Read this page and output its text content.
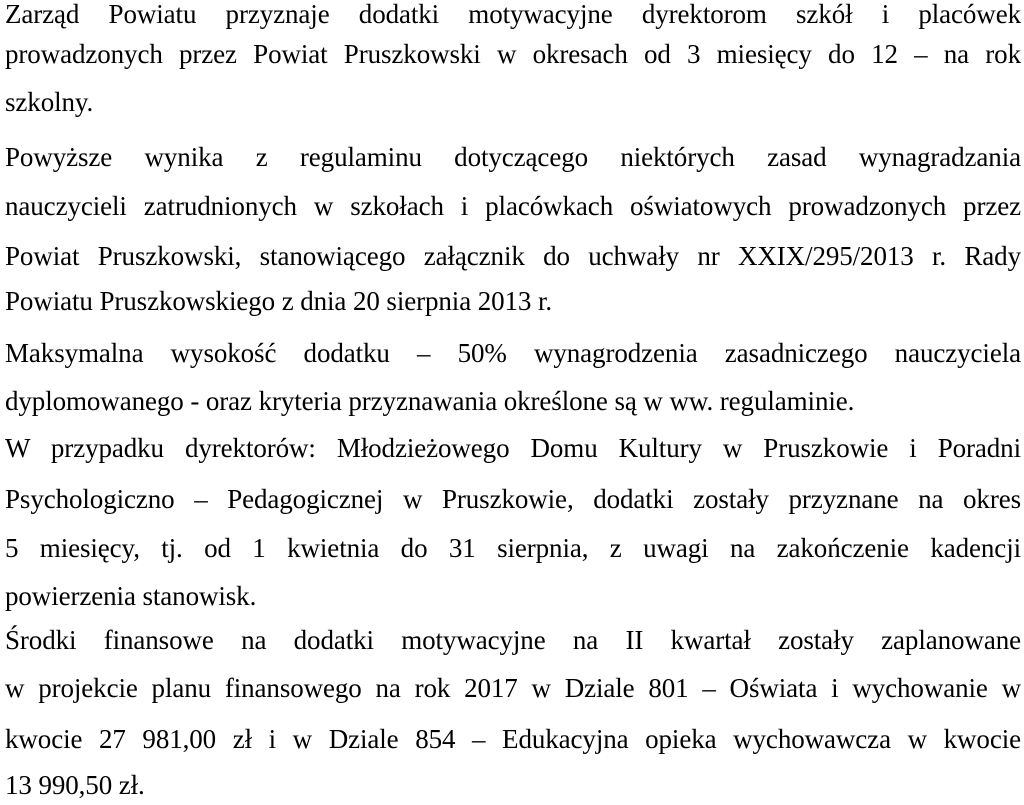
Zarząd Powiatu przyznaje dodatki motywacyjne dyrektorom szkół i placówek
prowadzonych przez Powiat Pruszkowski w okresach od 3 miesięcy do 12 – na rok
szkolny.
Powyższe wynika z regulaminu dotyczącego niektórych zasad wynagradzania
nauczycieli zatrudnionych w szkołach i placówkach oświatowych prowadzonych przez
Powiat Pruszkowski, stanowiącego załącznik do uchwały nr XXIX/295/2013 r. Rady
Powiatu Pruszkowskiego z dnia 20 sierpnia 2013 r.
Maksymalna wysokość dodatku – 50% wynagrodzenia zasadniczego nauczyciela
dyplomowanego - oraz kryteria przyznawania określone są w ww. regulaminie.
W przypadku dyrektorów: Młodzieżowego Domu Kultury w Pruszkowie i Poradni
Psychologiczno – Pedagogicznej w Pruszkowie, dodatki zostały przyznane na okres
5 miesięcy, tj. od 1 kwietnia do 31 sierpnia, z uwagi na zakończenie kadencji
powierzenia stanowisk.
Środki finansowe na dodatki motywacyjne na II kwartał zostały zaplanowane
w projekcie planu finansowego na rok 2017 w Dziale 801 – Oświata i wychowanie w
kwocie 27 981,00 zł i w Dziale 854 – Edukacyjna opieka wychowawcza w kwocie
13 990,50 zł.
